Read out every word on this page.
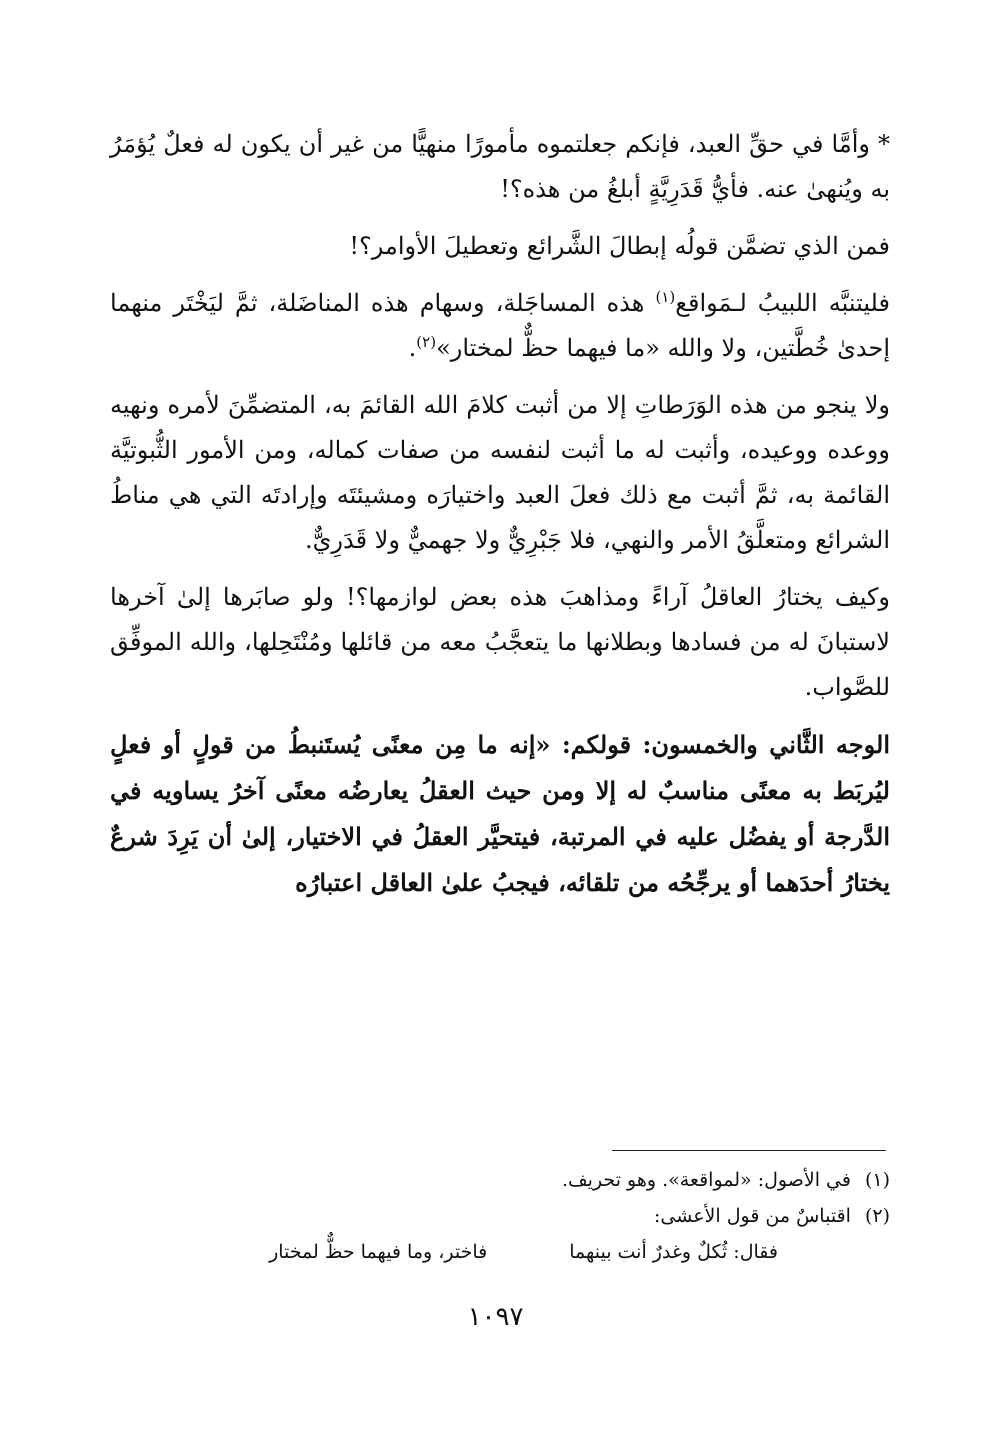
* وأمَّا في حقِّ العبد، فإنكم جعلتموه مأمورًا منهيًّا من غير أن يكون له فعلٌ يُؤمَرُ به ويُنهىٰ عنه. فأيُّ قَدَرِيَّةٍ أبلغُ من هذه؟!

فمن الذي تضمَّن قولُه إبطالَ الشَّرائع وتعطيلَ الأوامر؟!

فليتنبَّه اللبيبُ لـمَواقع$^{(١)}$ هذه المساجَلة، وسهام هذه المناضَلة، ثمَّ ليَخْتَر منهما إحدىٰ خُطَّتين، ولا والله «ما فيهما حظٌّ لمختار»$^{(٢)}$.

ولا ينجو من هذه الوَرَطاتِ إلا من أثبت كلامَ الله القائمَ به، المتضمِّنَ لأمره ونهيه ووعده ووعيده، وأثبت له ما أثبت لنفسه من صفات كماله، ومن الأمور الثُّبوتيَّة القائمة به، ثمَّ أثبت مع ذلك فعلَ العبد واختيارَه ومشيئتَه وإرادتَه التي هي مناطُ الشرائع ومتعلَّقُ الأمر والنهي، فلا جَبْرِيٌّ ولا جهميٌّ ولا قَدَرِيٌّ.

وكيف يختارُ العاقلُ آراءً ومذاهبَ هذه بعض لوازمها؟! ولو صابَرها إلىٰ آخرها لاستبانَ له من فسادها وبطلانها ما يتعجَّبُ معه من قائلها ومُنْتَحِلها، والله الموفِّق للصَّواب.

الوجه الثَّاني والخمسون: قولكم: «إنه ما مِن معنًى يُستَنبطُ من قولٍ أو فعلٍ ليُربَط به معنًى مناسبٌ له إلا ومن حيث العقلُ يعارضُه معنًى آخرُ يساويه في الدَّرجة أو يفضُل عليه في المرتبة، فيتحيَّر العقلُ في الاختيار، إلىٰ أن يَرِدَ شرعٌ يختارُ أحدَهما أو يرجِّحُه من تلقائه، فيجبُ علىٰ العاقل اعتبارُه

(١)في الأصول: «لمواقعة». وهو تحريف.

(٢)اقتباسٌ من قول الأعشى:

فقال: ثُكلٌ وغدرٌ أنت بينهما
فاختر، وما فيهما حظٌّ لمختار

١٠٩٧
